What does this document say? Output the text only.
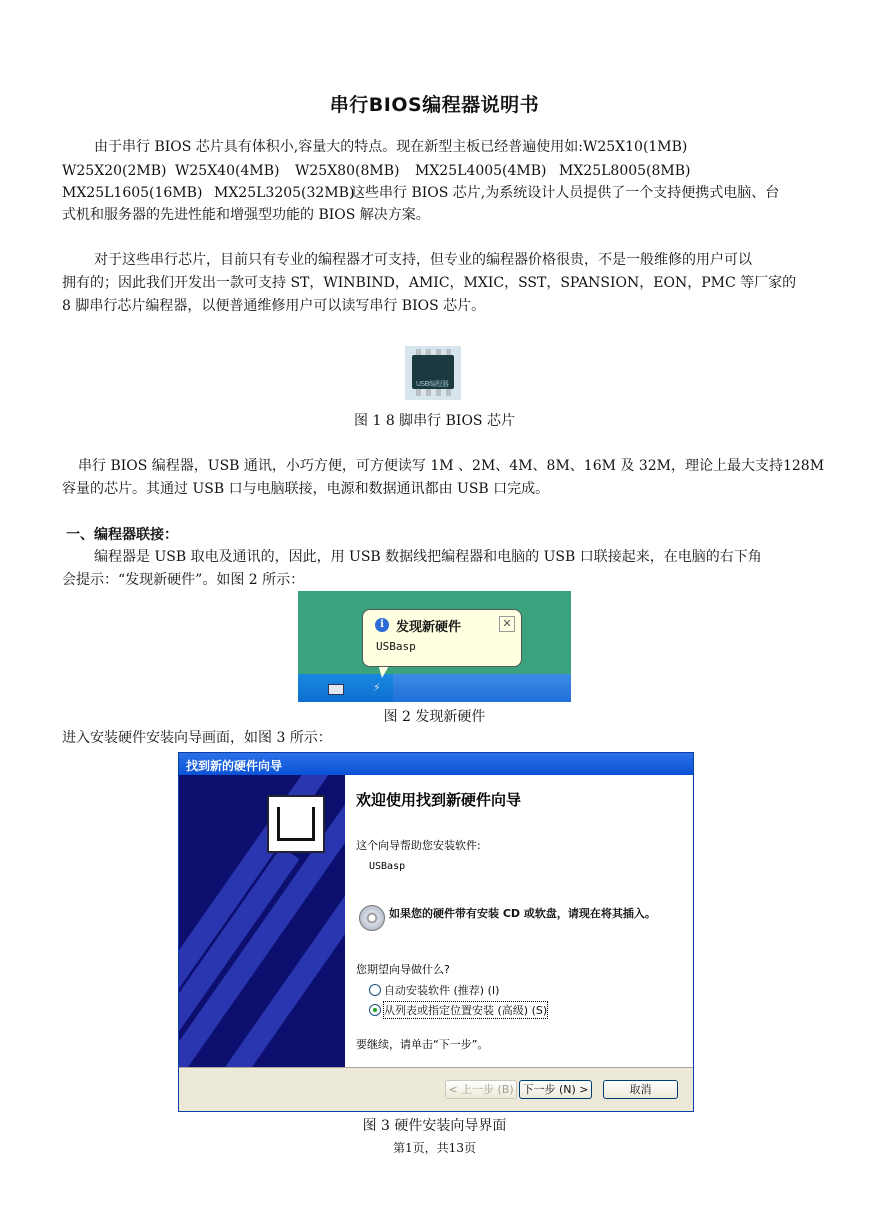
串行BIOS编程器说明书
由于串行 BIOS 芯片具有体积小,容量大的特点。现在新型主板已经普遍使用如:W25X10(1MB)
W25X20(2MB) W25X40(4MB) W25X80(8MB) MX25L4005(4MB) MX25L8005(8MB)
MX25L1605(16MB) MX25L3205(32MB)这些串行 BIOS 芯片,为系统设计人员提供了一个支持便携式电脑、台
式机和服务器的先进性能和增强型功能的 BIOS 解决方案。
对于这些串行芯片，目前只有专业的编程器才可支持，但专业的编程器价格很贵，不是一般维修的用户可以
拥有的；因此我们开发出一款可支持 ST，WINBIND，AMIC，MXIC，SST，SPANSION，EON，PMC 等厂家的
8 脚串行芯片编程器，以便普通维修用户可以读写串行 BIOS 芯片。
USB编程器
图 1 8 脚串行 BIOS 芯片
串行 BIOS 编程器，USB 通讯，小巧方便，可方便读写 1M 、2M、4M、8M、16M 及 32M，理论上最大支持128M
容量的芯片。其通过 USB 口与电脑联接，电源和数据通讯都由 USB 口完成。
一、编程器联接：
编程器是 USB 取电及通讯的，因此，用 USB 数据线把编程器和电脑的 USB 口联接起来，在电脑的右下角
会提示：“发现新硬件”。如图 2 所示：
⚡
i 发现新硬件	✕
USBasp
图 2 发现新硬件
进入安装硬件安装向导画面，如图 3 所示：
找到新的硬件向导
欢迎使用找到新硬件向导
这个向导帮助您安装软件:
USBasp
如果您的硬件带有安装 CD 或软盘，请现在将其插入。
您期望向导做什么?
自动安装软件 (推荐) (I)
从列表或指定位置安装 (高级) (S)
要继续，请单击“下一步”。
< 上一步 (B) 下一步 (N) >	取消
图 3 硬件安装向导界面
第1页，共13页
